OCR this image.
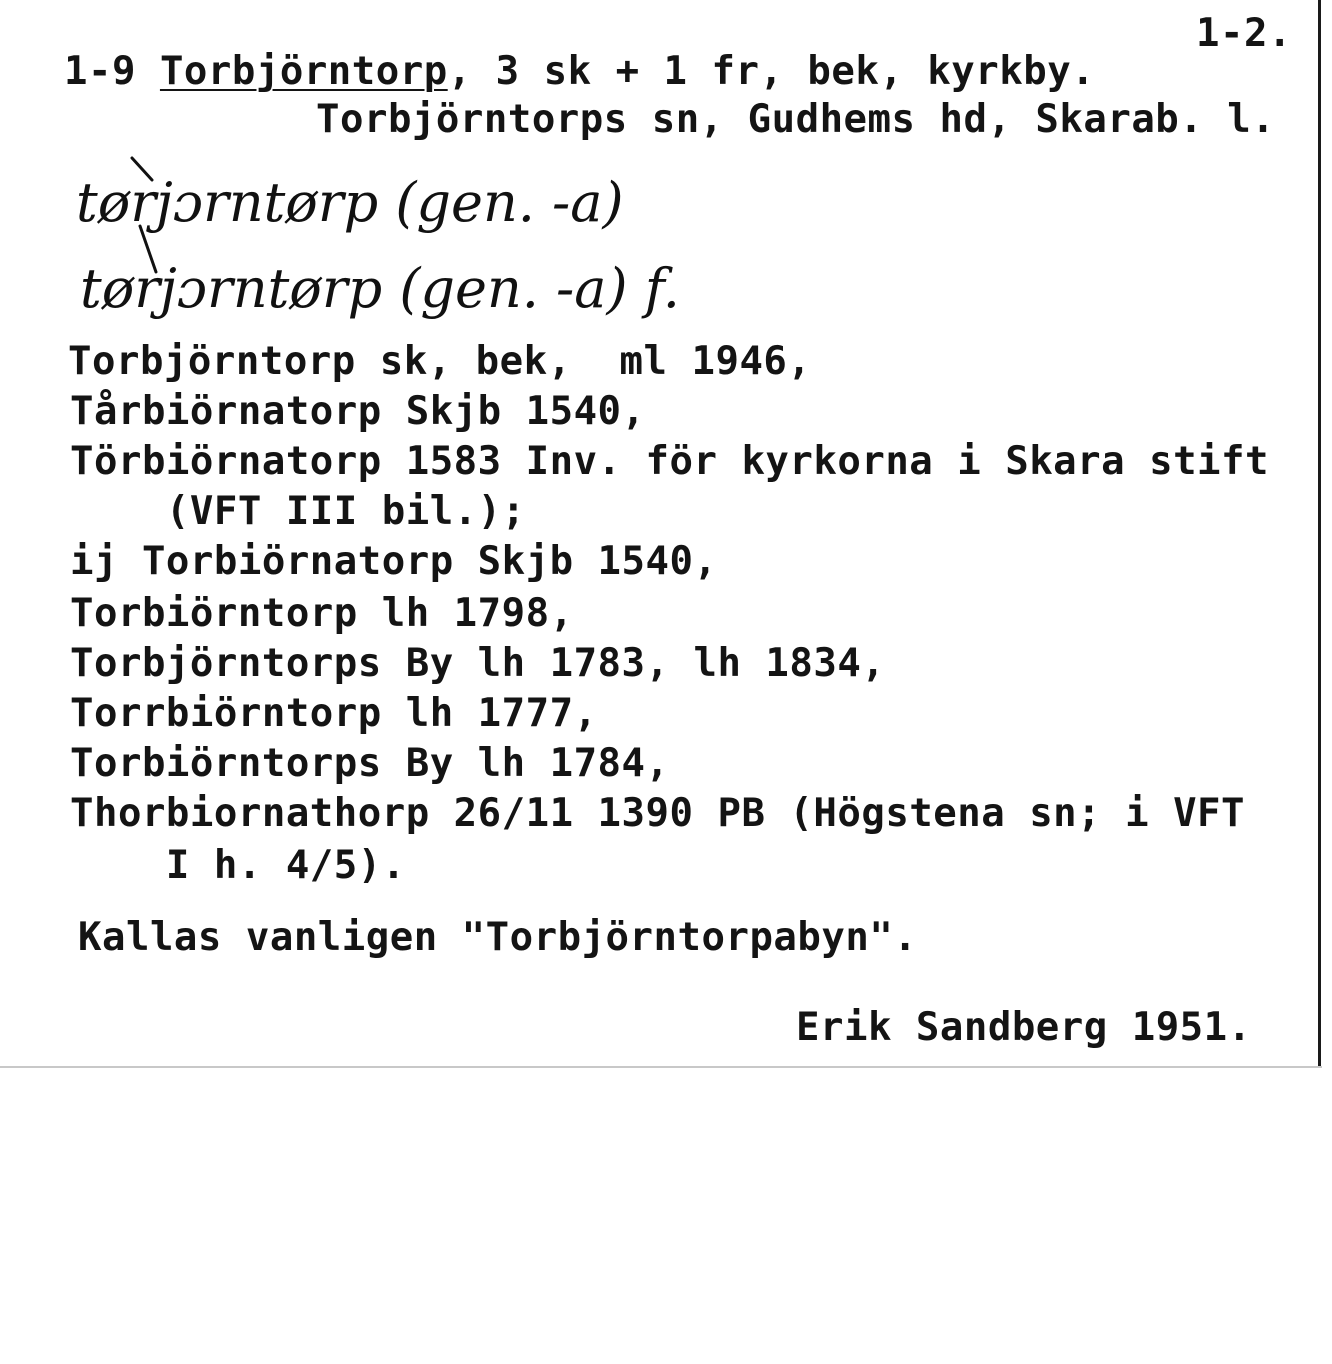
1-2.
1-9 Torbjörntorp, 3 sk + 1 fr, bek, kyrkby.
Torbjörntorps sn, Gudhems hd, Skarab. l.
tørjɔrntørp (gen. -a)
tørjɔrntørp (gen. -a) f.
Torbjörntorp sk, bek,  ml 1946,
Tårbiörnatorp Skjb 1540,
Törbiörnatorp 1583 Inv. för kyrkorna i Skara stift
(VFT III bil.);
ij Torbiörnatorp Skjb 1540,
Torbiörntorp lh 1798,
Torbjörntorps By lh 1783, lh 1834,
Torrbiörntorp lh 1777,
Torbiörntorps By lh 1784,
Thorbiornathorp 26/11 1390 PB (Högstena sn; i VFT
I h. 4/5).
Kallas vanligen "Torbjörntorpabyn".
Erik Sandberg 1951.
